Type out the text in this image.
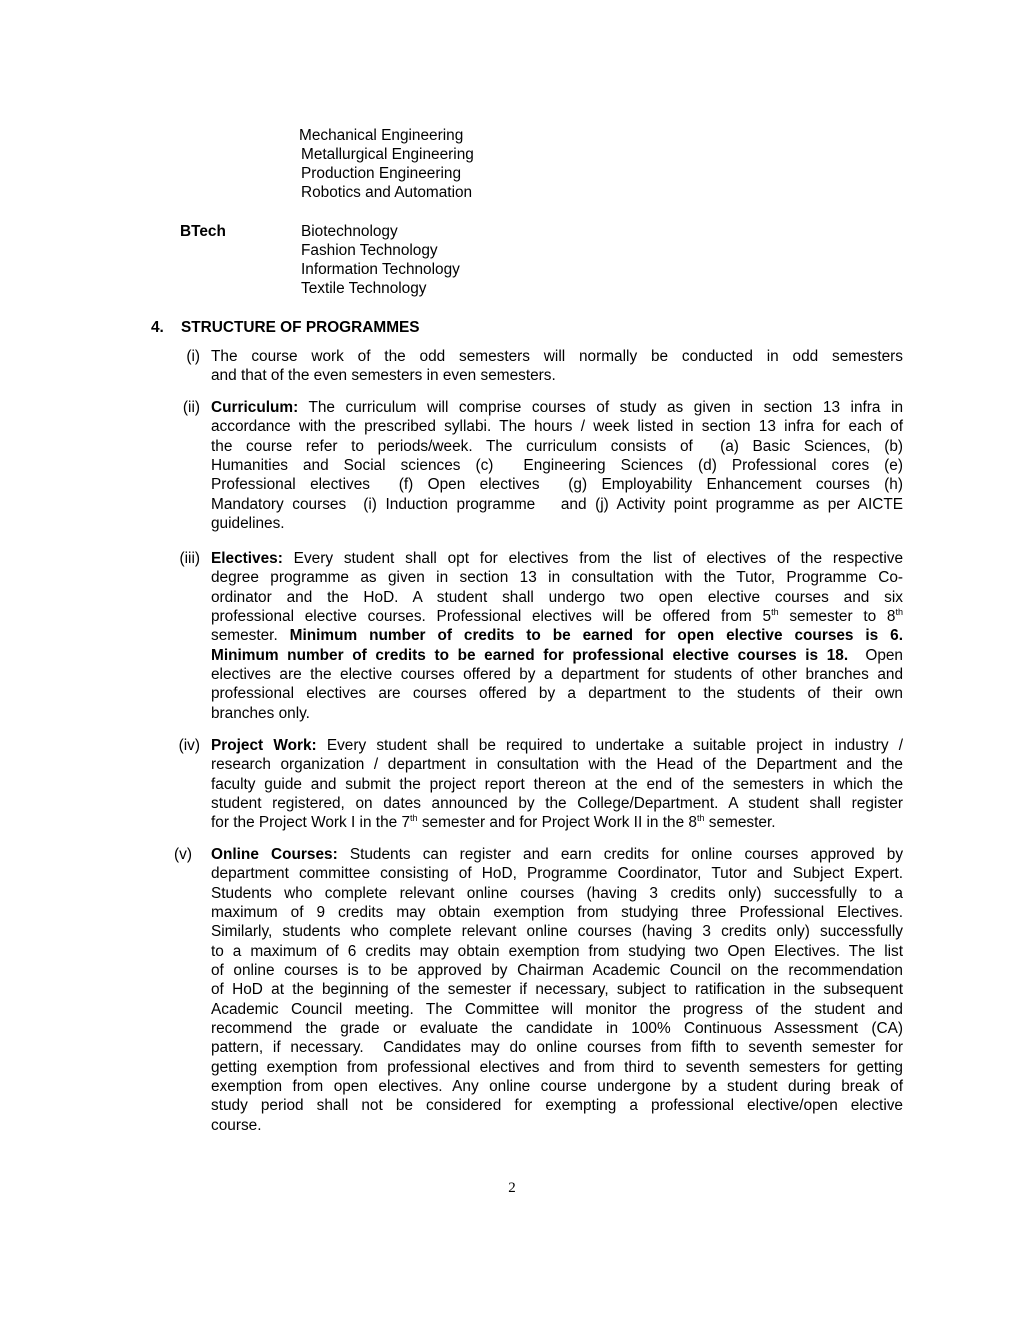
Mechanical Engineering
Metallurgical Engineering
Production Engineering
Robotics and Automation
BTech	Biotechnology
Fashion Technology
Information Technology
Textile Technology
4. STRUCTURE OF PROGRAMMES
(i) The course work of the odd semesters will normally be conducted in odd semesters
and that of the even semesters in even semesters.
(ii) Curriculum: The curriculum will comprise courses of study as given in section 13 infra in
accordance with the prescribed syllabi. The hours / week listed in section 13 infra for each of
the course refer to periods/week. The curriculum consists of  (a) Basic Sciences, (b)
Humanities and Social sciences (c)  Engineering Sciences (d) Professional cores (e)
Professional electives  (f) Open electives  (g) Employability Enhancement courses (h)
Mandatory courses  (i) Induction programme   and (j) Activity point programme as per AICTE
guidelines.
(iii) Electives: Every student shall opt for electives from the list of electives of the respective
degree programme as given in section 13 in consultation with the Tutor, Programme Co-
ordinator and the HoD. A student shall undergo two open elective courses and six
professional elective courses. Professional electives will be offered from 5th semester to 8th
semester. Minimum number of credits to be earned for open elective courses is 6.
Minimum number of credits to be earned for professional elective courses is 18.  Open
electives are the elective courses offered by a department for students of other branches and
professional electives are courses offered by a department to the students of their own
branches only.
(iv) Project Work: Every student shall be required to undertake a suitable project in industry /
research organization / department in consultation with the Head of the Department and the
faculty guide and submit the project report thereon at the end of the semesters in which the
student registered, on dates announced by the College/Department. A student shall register
for the Project Work I in the 7th semester and for Project Work II in the 8th semester.
(v) Online Courses: Students can register and earn credits for online courses approved by
department committee consisting of HoD, Programme Coordinator, Tutor and Subject Expert.
Students who complete relevant online courses (having 3 credits only) successfully to a
maximum of 9 credits may obtain exemption from studying three Professional Electives.
Similarly, students who complete relevant online courses (having 3 credits only) successfully
to a maximum of 6 credits may obtain exemption from studying two Open Electives. The list
of online courses is to be approved by Chairman Academic Council on the recommendation
of HoD at the beginning of the semester if necessary, subject to ratification in the subsequent
Academic Council meeting. The Committee will monitor the progress of the student and
recommend the grade or evaluate the candidate in 100% Continuous Assessment (CA)
pattern, if necessary.  Candidates may do online courses from fifth to seventh semester for
getting exemption from professional electives and from third to seventh semesters for getting
exemption from open electives. Any online course undergone by a student during break of
study period shall not be considered for exempting a professional elective/open elective
course.
2
